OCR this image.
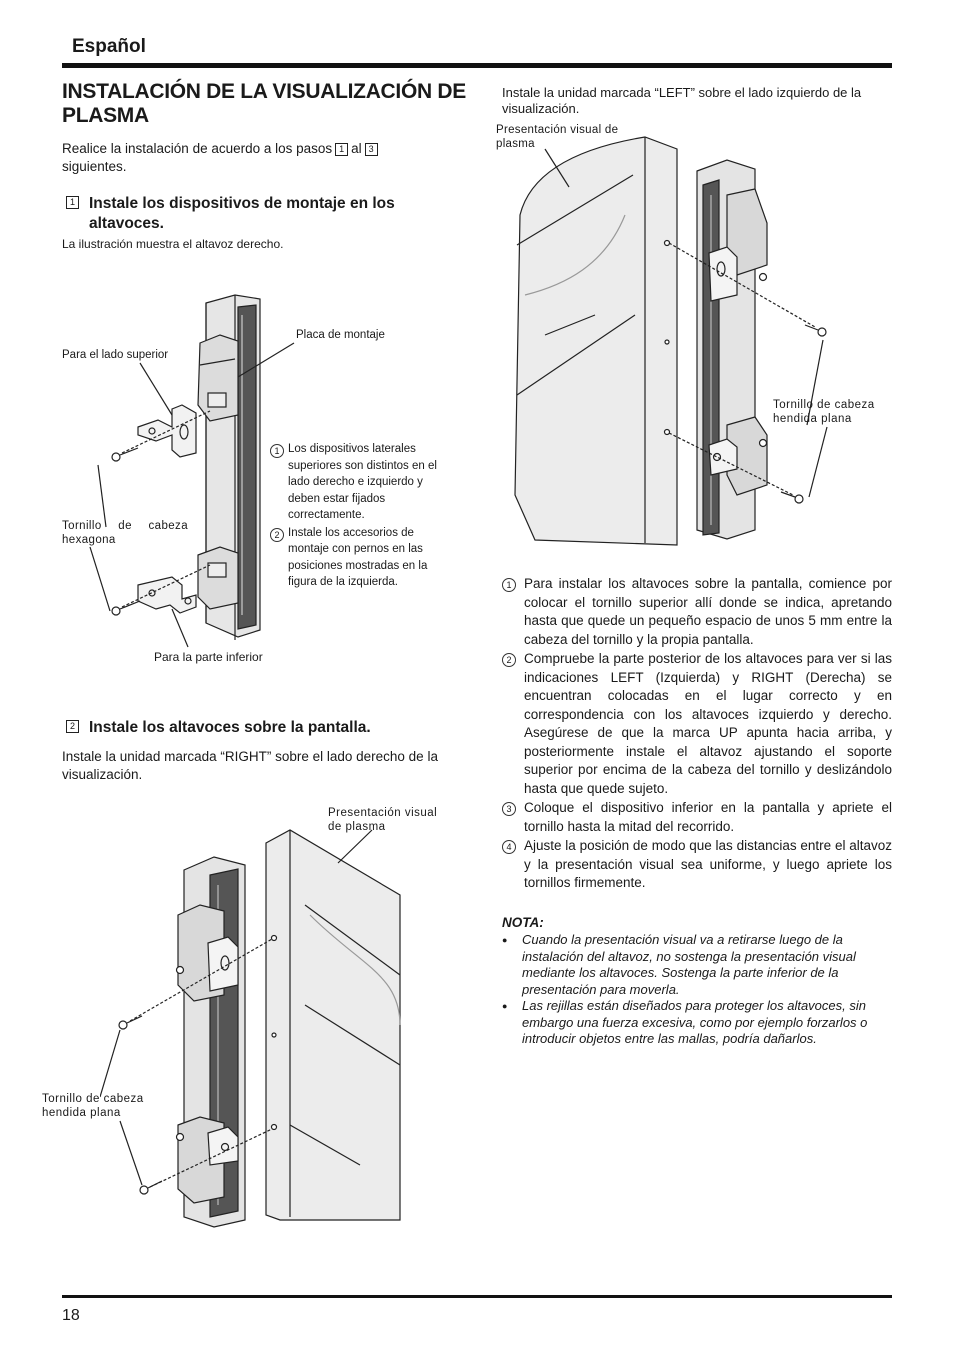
Español
INSTALACIÓN DE LA VISUALIZACIÓN DE PLASMA
Realice la instalación de acuerdo a los pasos 1 al 3
siguientes.
1 Instale los dispositivos de montaje en los altavoces.
La ilustración muestra el altavoz derecho.
Para el lado superior
Placa de montaje
Tornillo de cabeza hexagona
Para la parte inferior
1 Los dispositivos laterales superiores son distintos en el lado derecho e izquierdo y deben estar fijados correctamente.
2 Instale los accesorios de montaje con pernos en las posiciones mostradas en la figura de la izquierda.
2 Instale los altavoces sobre la pantalla.
Instale la unidad marcada “RIGHT” sobre el lado derecho de la visualización.
Presentación visual de plasma
Tornillo de cabeza hendida plana
Instale la unidad marcada “LEFT” sobre el lado izquierdo de la visualización.
Presentación visual de plasma
Tornillo de cabeza hendida plana
1 Para instalar los altavoces sobre la pantalla, comience por colocar el tornillo superior allí donde se indica, apretando hasta que quede un pequeño espacio de unos 5 mm entre la cabeza del tornillo y la propia pantalla.
2 Compruebe la parte posterior de los altavoces para ver si las indicaciones LEFT (Izquierda) y RIGHT (Derecha) se encuentran colocadas en el lugar correcto y en correspondencia con los altavoces izquierdo y derecho. Asegúrese de que la marca UP apunta hacia arriba, y posteriormente instale el altavoz ajustando el soporte superior por encima de la cabeza del tornillo y deslizándolo hasta que quede sujeto.
3 Coloque el dispositivo inferior en la pantalla y apriete el tornillo hasta la mitad del recorrido.
4 Ajuste la posición de modo que las distancias entre el altavoz y la presentación visual sea uniforme, y luego apriete los tornillos firmemente.
NOTA:
● Cuando la presentación visual va a retirarse luego de la instalación del altavoz, no sostenga la presentación visual mediante los altavoces. Sostenga la parte inferior de la presentación para moverla.
● Las rejillas están diseñados para proteger los altavoces, sin embargo una fuerza excesiva, como por ejemplo forzarlos o introducir objetos entre las mallas, podría dañarlos.
18
